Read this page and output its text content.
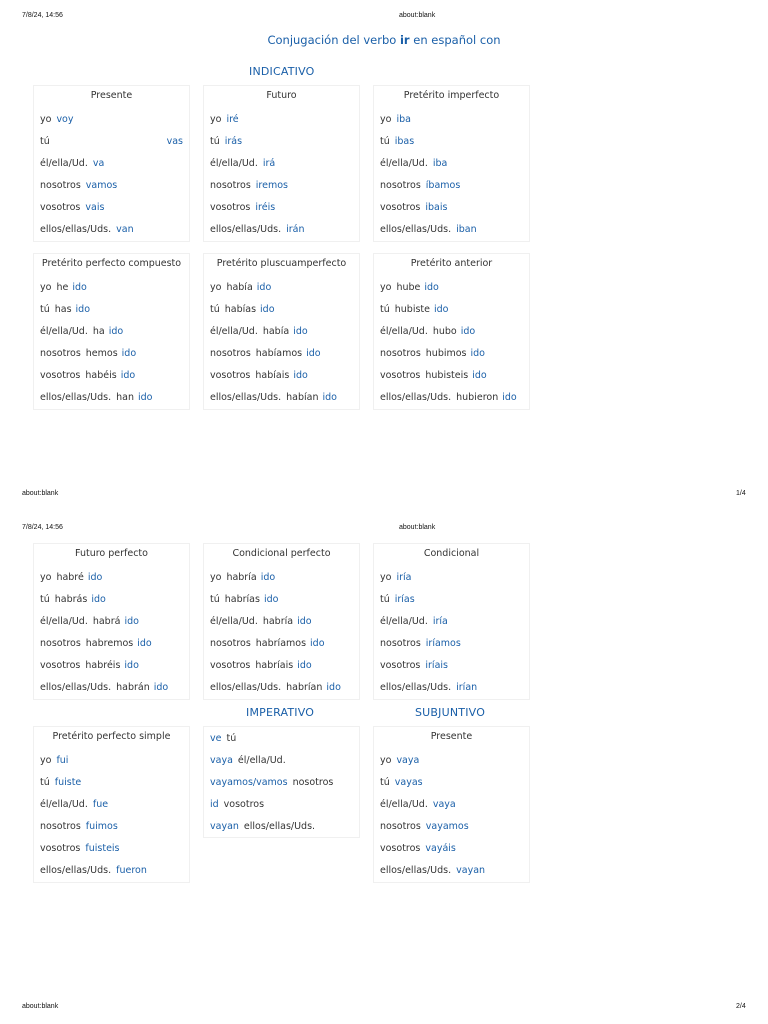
7/8/24, 14:56	about:blank
Conjugación del verbo ir en español con
INDICATIVO
Presente
yo voy
tú	vas
él/ella/Ud. va
nosotros vamos
vosotros vais
ellos/ellas/Uds. van
Futuro
yo iré
tú irás
él/ella/Ud. irá
nosotros iremos
vosotros iréis
ellos/ellas/Uds. irán
Pretérito imperfecto
yo iba
tú ibas
él/ella/Ud. iba
nosotros íbamos
vosotros ibais
ellos/ellas/Uds. iban
Pretérito perfecto compuesto
yo he ido
tú has ido
él/ella/Ud. ha ido
nosotros hemos ido
vosotros habéis ido
ellos/ellas/Uds. han ido
Pretérito pluscuamperfecto
yo había ido
tú habías ido
él/ella/Ud. había ido
nosotros habíamos ido
vosotros habíais ido
ellos/ellas/Uds. habían ido
Pretérito anterior
yo hube ido
tú hubiste ido
él/ella/Ud. hubo ido
nosotros hubimos ido
vosotros hubisteis ido
ellos/ellas/Uds. hubieron ido
about:blank	1/4
7/8/24, 14:56	about:blank
Futuro perfecto
yo habré ido
tú habrás ido
él/ella/Ud. habrá ido
nosotros habremos ido
vosotros habréis ido
ellos/ellas/Uds. habrán ido
Condicional perfecto
yo habría ido
tú habrías ido
él/ella/Ud. habría ido
nosotros habríamos ido
vosotros habríais ido
ellos/ellas/Uds. habrían ido
Condicional
yo iría
tú irías
él/ella/Ud. iría
nosotros iríamos
vosotros iríais
ellos/ellas/Uds. irían
IMPERATIVO	SUBJUNTIVO
Pretérito perfecto simple
yo fui
tú fuiste
él/ella/Ud. fue
nosotros fuimos
vosotros fuisteis
ellos/ellas/Uds. fueron
ve tú
vaya él/ella/Ud.
vayamos/vamos nosotros
id vosotros
vayan ellos/ellas/Uds.
Presente
yo vaya
tú vayas
él/ella/Ud. vaya
nosotros vayamos
vosotros vayáis
ellos/ellas/Uds. vayan
about:blank	2/4
